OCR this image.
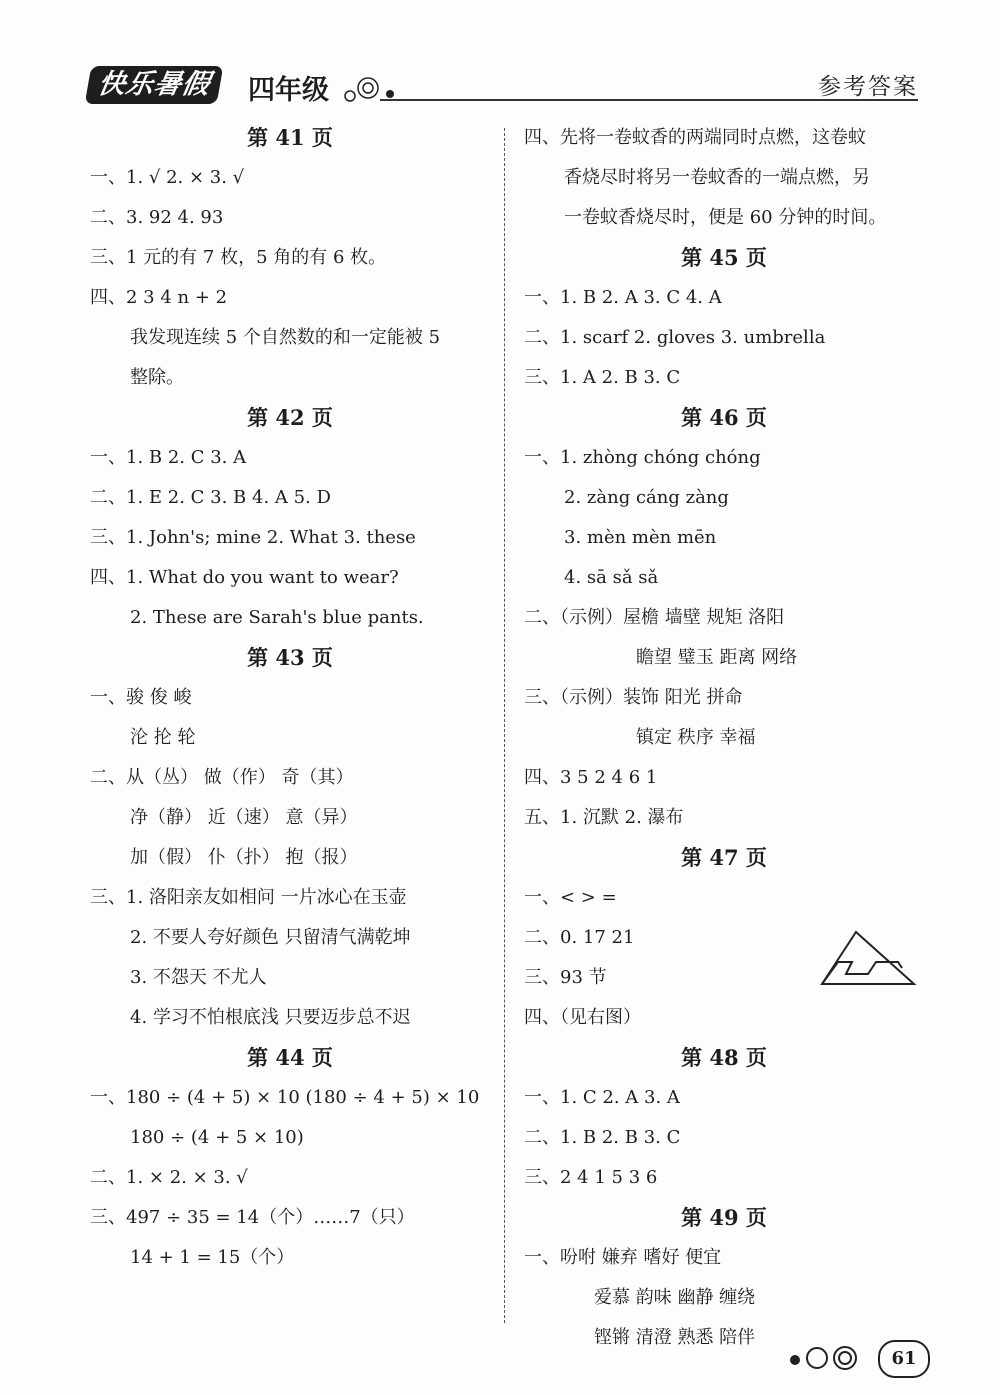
快乐暑假	四年级	参考答案
第 41 页
一、1. √ 2. × 3. √
二、3. 92 4. 93
三、1 元的有 7 枚，5 角的有 6 枚。
四、2 3 4 n + 2
我发现连续 5 个自然数的和一定能被 5
整除。
第 42 页
一、1. B 2. C 3. A
二、1. E 2. C 3. B 4. A 5. D
三、1. John's; mine 2. What 3. these
四、1. What do you want to wear?
2. These are Sarah's blue pants.
第 43 页
一、骏 俊 峻
沦 抡 轮
二、从（丛） 做（作） 奇（其）
净（静） 近（速） 意（异）
加（假） 仆（扑） 抱（报）
三、1. 洛阳亲友如相问 一片冰心在玉壶
2. 不要人夸好颜色 只留清气满乾坤
3. 不怨天 不尤人
4. 学习不怕根底浅 只要迈步总不迟
第 44 页
一、180 ÷ (4 + 5) × 10 (180 ÷ 4 + 5) × 10
180 ÷ (4 + 5 × 10)
二、1. × 2. × 3. √
三、497 ÷ 35 = 14（个）……7（只）
14 + 1 = 15（个）
四、先将一卷蚊香的两端同时点燃，这卷蚊
香烧尽时将另一卷蚊香的一端点燃，另
一卷蚊香烧尽时，便是 60 分钟的时间。
第 45 页
一、1. B 2. A 3. C 4. A
二、1. scarf 2. gloves 3. umbrella
三、1. A 2. B 3. C
第 46 页
一、1. zhòng chóng chóng
2. zàng cáng zàng
3. mèn mèn mēn
4. sā sǎ sǎ
二、（示例）屋檐 墙壁 规矩 洛阳
瞻望 璧玉 距离 网络
三、（示例）装饰 阳光 拼命
镇定 秩序 幸福
四、3 5 2 4 6 1
五、1. 沉默 2. 瀑布
第 47 页
一、< > =
二、0. 17 21
三、93 节
四、（见右图）
第 48 页
一、1. C 2. A 3. A
二、1. B 2. B 3. C
三、2 4 1 5 3 6
第 49 页
一、吩咐 嫌弃 嗜好 便宜
爱慕 韵味 幽静 缠绕
铿锵 清澄 熟悉 陪伴
61
